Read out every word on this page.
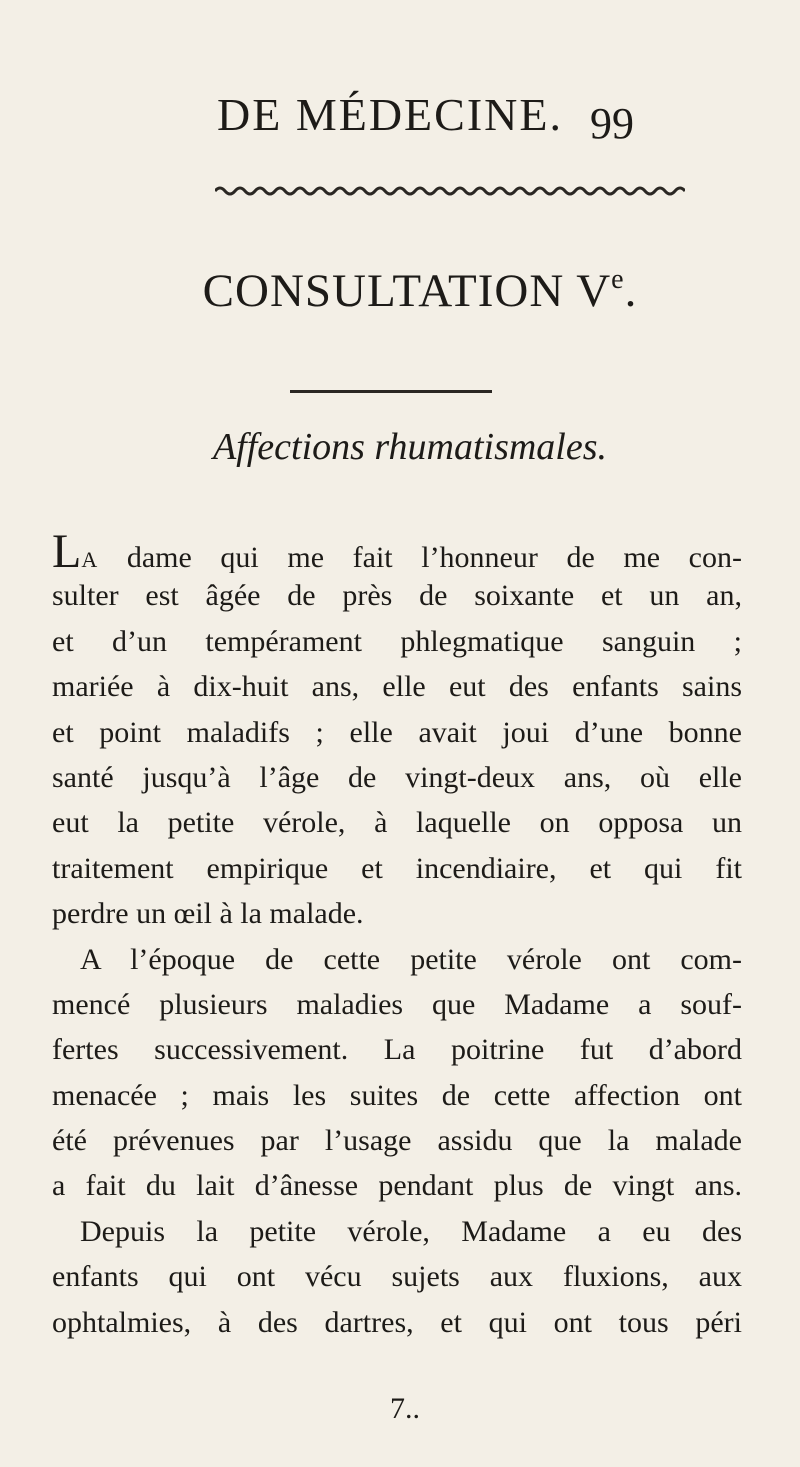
DE MÉDECINE. 99
CONSULTATION Ve.
Affections rhumatismales.
LA dame qui me fait l’honneur de me con-
sulter est âgée de près de soixante et un an,
et d’un tempérament phlegmatique sanguin ;
mariée à dix-huit ans, elle eut des enfants sains
et point maladifs ; elle avait joui d’une bonne
santé jusqu’à l’âge de vingt-deux ans, où elle
eut la petite vérole, à laquelle on opposa un
traitement empirique et incendiaire, et qui fit
perdre un œil à la malade.
A l’époque de cette petite vérole ont com-
mencé plusieurs maladies que Madame a souf-
fertes successivement. La poitrine fut d’abord
menacée ; mais les suites de cette affection ont
été prévenues par l’usage assidu que la malade
a fait du lait d’ânesse pendant plus de vingt ans.
Depuis la petite vérole, Madame a eu des
enfants qui ont vécu sujets aux fluxions, aux
ophtalmies, à des dartres, et qui ont tous péri
7..
